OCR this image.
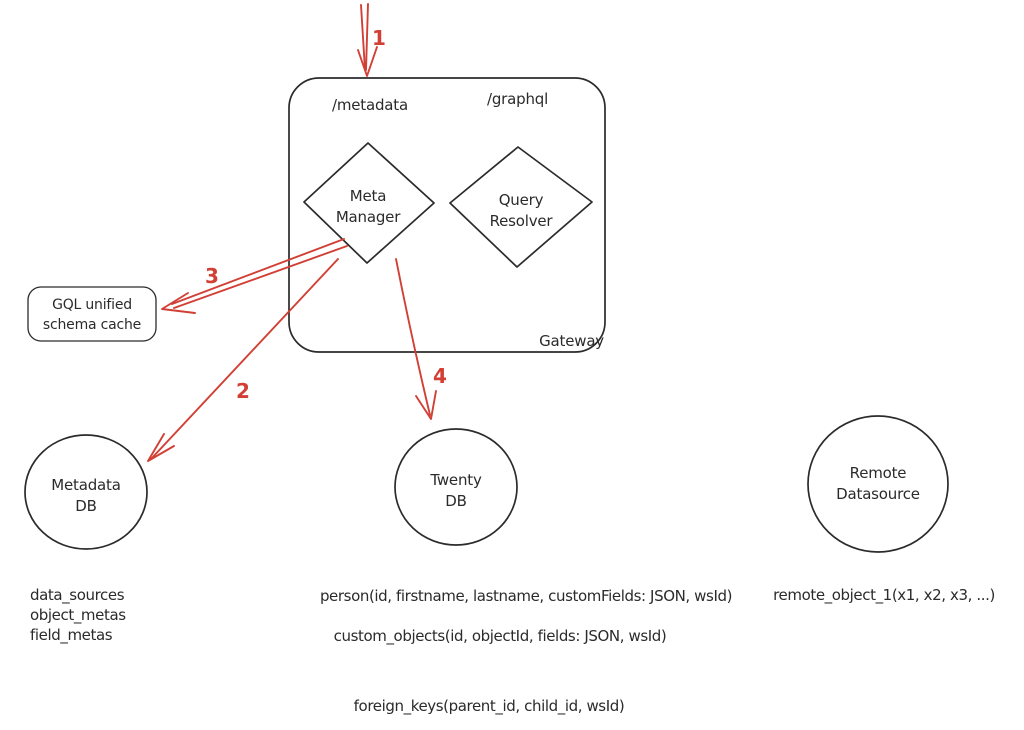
/metadata	/graphql
Gateway
Meta
Manager
Query
Resolver
GQL unified
schema cache
Metadata
DB
data_sources
object_metas
field_metas
Twenty
DB
person(id, firstname, lastname, customFields: JSON, wsId)
custom_objects(id, objectId, fields: JSON, wsId)
foreign_keys(parent_id, child_id, wsId)
Remote
Datasource
remote_object_1(x1, x2, x3, ...)
1
3
2
4
